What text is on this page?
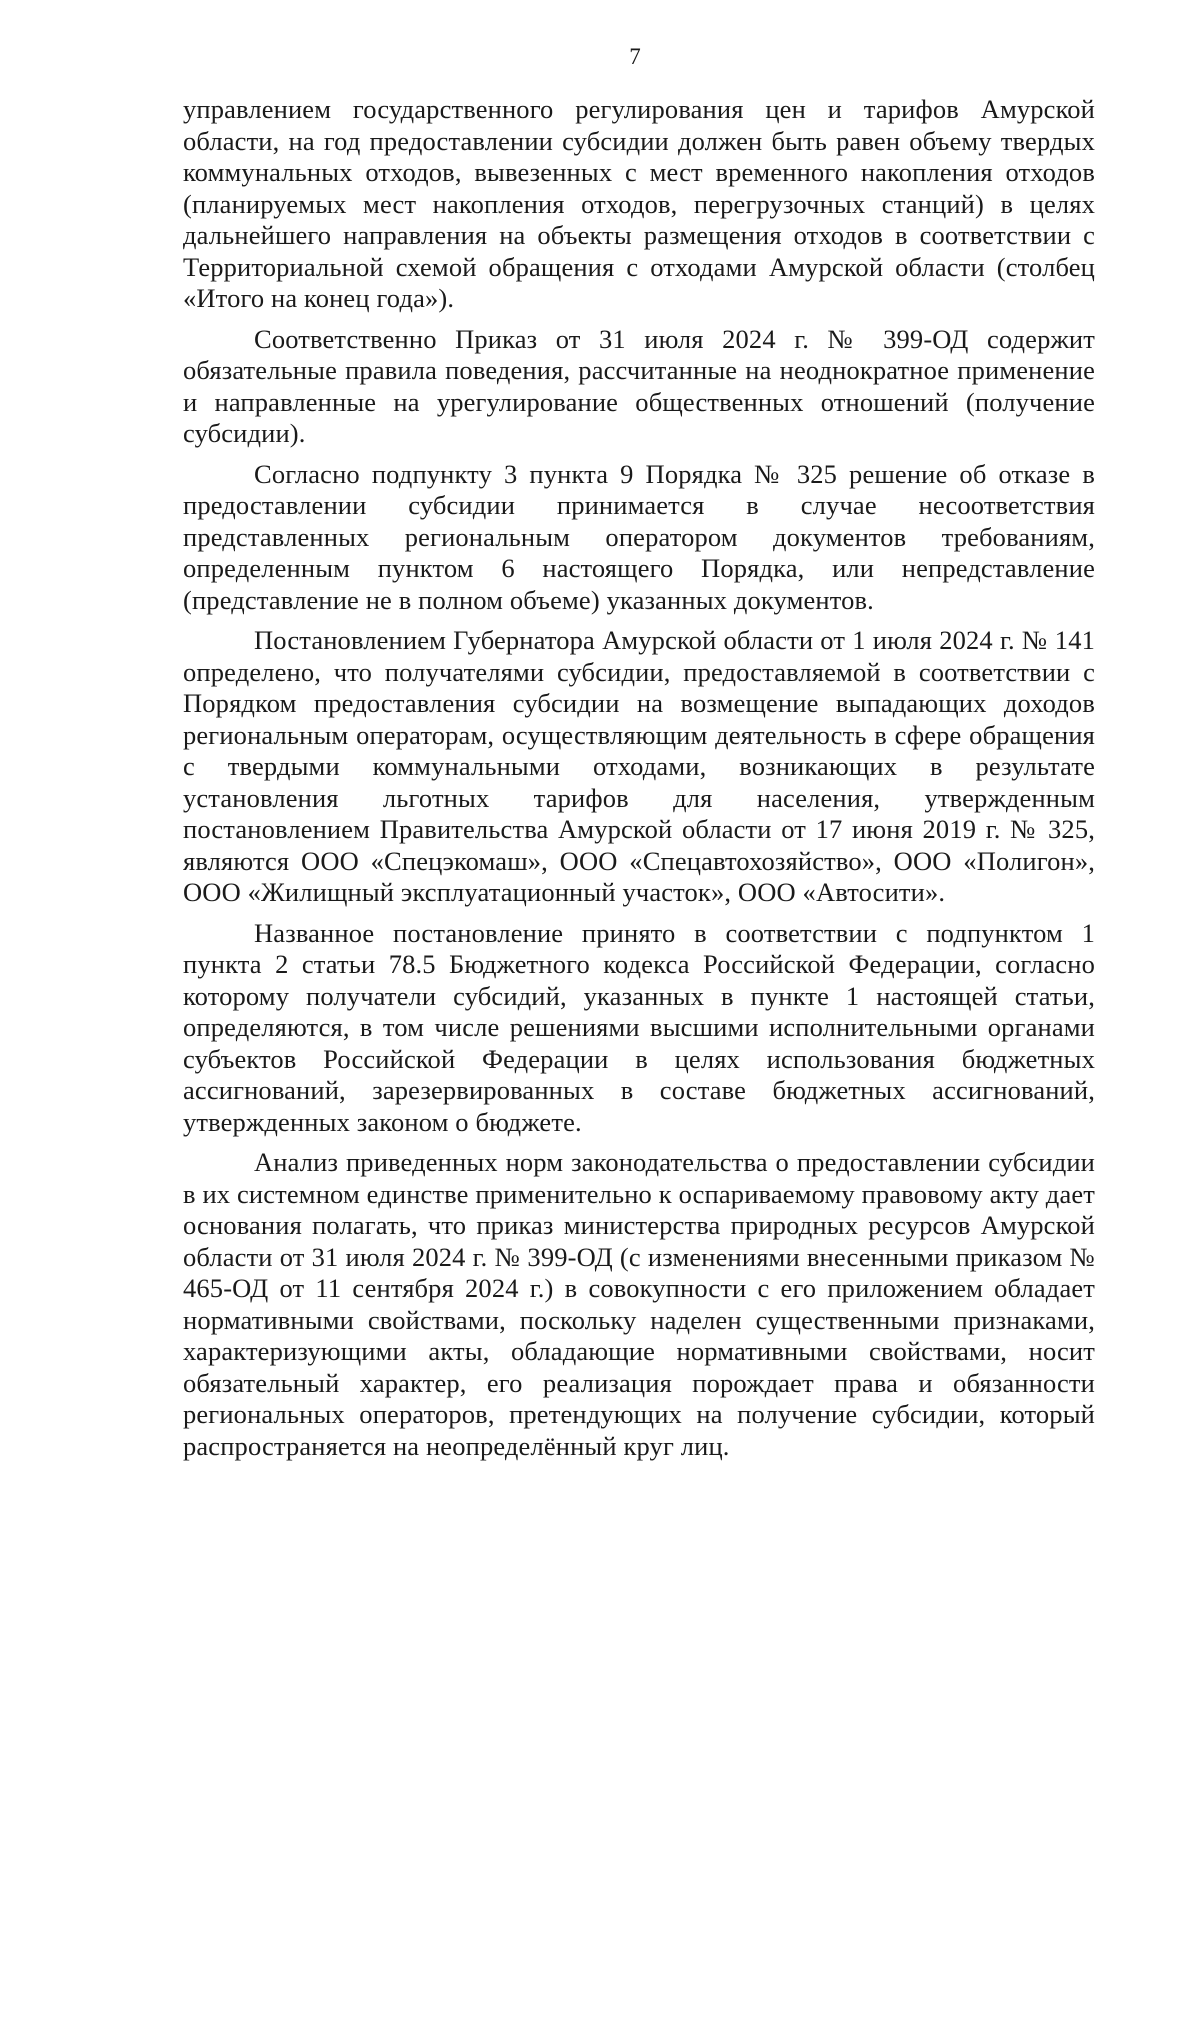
7

управлением государственного регулирования цен и тарифов Амурской области, на год предоставлении субсидии должен быть равен объему твердых коммунальных отходов, вывезенных с мест временного накопления отходов (планируемых мест накопления отходов, перегрузочных станций) в целях дальнейшего направления на объекты размещения отходов в соответствии с Территориальной схемой обращения с отходами Амурской области (столбец «Итого на конец года»).

Соответственно Приказ от 31 июля 2024 г. № 399-ОД содержит обязательные правила поведения, рассчитанные на неоднократное применение и направленные на урегулирование общественных отношений (получение субсидии).

Согласно подпункту 3 пункта 9 Порядка № 325 решение об отказе в предоставлении субсидии принимается в случае несоответствия представленных региональным оператором документов требованиям, определенным пунктом 6 настоящего Порядка, или непредставление (представление не в полном объеме) указанных документов.

Постановлением Губернатора Амурской области от 1 июля 2024 г. № 141 определено, что получателями субсидии, предоставляемой в соответствии с Порядком предоставления субсидии на возмещение выпадающих доходов региональным операторам, осуществляющим деятельность в сфере обращения с твердыми коммунальными отходами, возникающих в результате установления льготных тарифов для населения, утвержденным постановлением Правительства Амурской области от 17 июня 2019 г. № 325, являются ООО «Спецэкомаш», ООО «Спецавтохозяйство», ООО «Полигон», ООО «Жилищный эксплуатационный участок», ООО «Автосити».

Названное постановление принято в соответствии с подпунктом 1 пункта 2 статьи 78.5 Бюджетного кодекса Российской Федерации, согласно которому получатели субсидий, указанных в пункте 1 настоящей статьи, определяются, в том числе решениями высшими исполнительными органами субъектов Российской Федерации в целях использования бюджетных ассигнований, зарезервированных в составе бюджетных ассигнований, утвержденных законом о бюджете.

Анализ приведенных норм законодательства о предоставлении субсидии в их системном единстве применительно к оспариваемому правовому акту дает основания полагать, что приказ министерства природных ресурсов Амурской области от 31 июля 2024 г. № 399-ОД (с изменениями внесенными приказом № 465-ОД от 11 сентября 2024 г.) в совокупности с его приложением обладает нормативными свойствами, поскольку наделен существенными признаками, характеризующими акты, обладающие нормативными свойствами, носит обязательный характер, его реализация порождает права и обязанности региональных операторов, претендующих на получение субсидии, который распространяется на неопределённый круг лиц.
